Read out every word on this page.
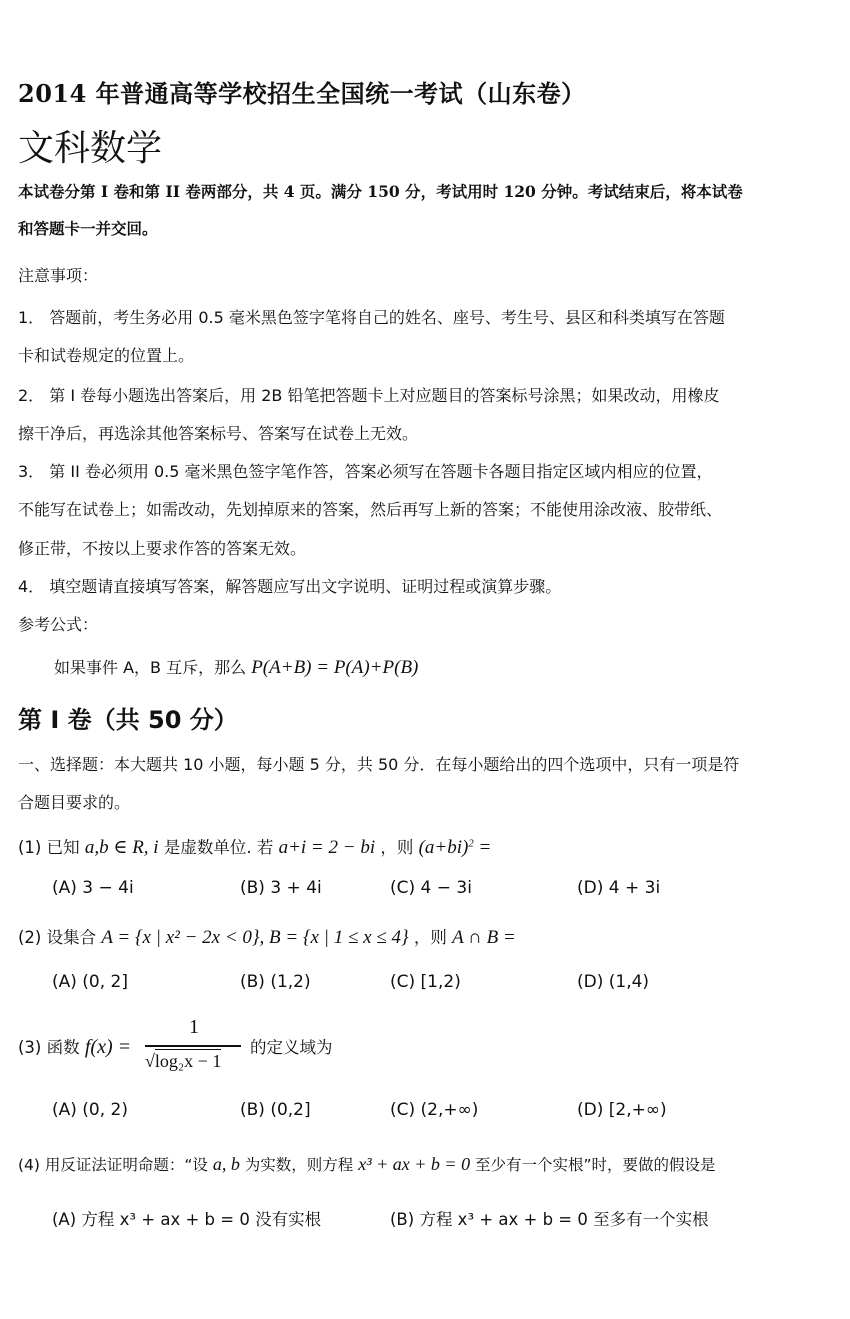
2014 年普通高等学校招生全国统一考试（山东卷）
文科数学
本试卷分第 I 卷和第 II 卷两部分，共 4 页。满分 150 分，考试用时 120 分钟。考试结束后，将本试卷
和答题卡一并交回。
注意事项：
1． 答题前，考生务必用 0.5 毫米黑色签字笔将自己的姓名、座号、考生号、县区和科类填写在答题
卡和试卷规定的位置上。
2． 第 I 卷每小题选出答案后，用 2B 铅笔把答题卡上对应题目的答案标号涂黑；如果改动，用橡皮
擦干净后，再选涂其他答案标号、答案写在试卷上无效。
3． 第 II 卷必须用 0.5 毫米黑色签字笔作答，答案必须写在答题卡各题目指定区域内相应的位置，
不能写在试卷上；如需改动，先划掉原来的答案，然后再写上新的答案；不能使用涂改液、胶带纸、
修正带，不按以上要求作答的答案无效。
4． 填空题请直接填写答案，解答题应写出文字说明、证明过程或演算步骤。
参考公式：
如果事件 A，B 互斥，那么 P(A+B) = P(A)+P(B)
第 I 卷（共 50 分）
一、选择题：本大题共 10 小题，每小题 5 分，共 50 分．在每小题给出的四个选项中，只有一项是符
合题目要求的。
(1) 已知 a,b ∈ R, i 是虚数单位. 若 a+i = 2 − bi ，则 $(a+bi)^2$ =
(A) 3 − 4i	(B) 3 + 4i	(C) 4 − 3i	(D) 4 + 3i
(2) 设集合 A = {x | x² − 2x < 0}, B = {x | 1 ≤ x ≤ 4} ，则 A ∩ B =
(A) (0, 2]	(B) (1,2)	(C) [1,2)	(D) (1,4)
(3) 函数 f(x) =
1
√log₂x − 1
的定义域为
(A) (0, 2)	(B) (0,2]	(C) (2,+∞)	(D) [2,+∞)
(4) 用反证法证明命题：“设 a, b 为实数，则方程 x³ + ax + b = 0 至少有一个实根”时，要做的假设是
(A) 方程 x³ + ax + b = 0 没有实根	(B) 方程 x³ + ax + b = 0 至多有一个实根
